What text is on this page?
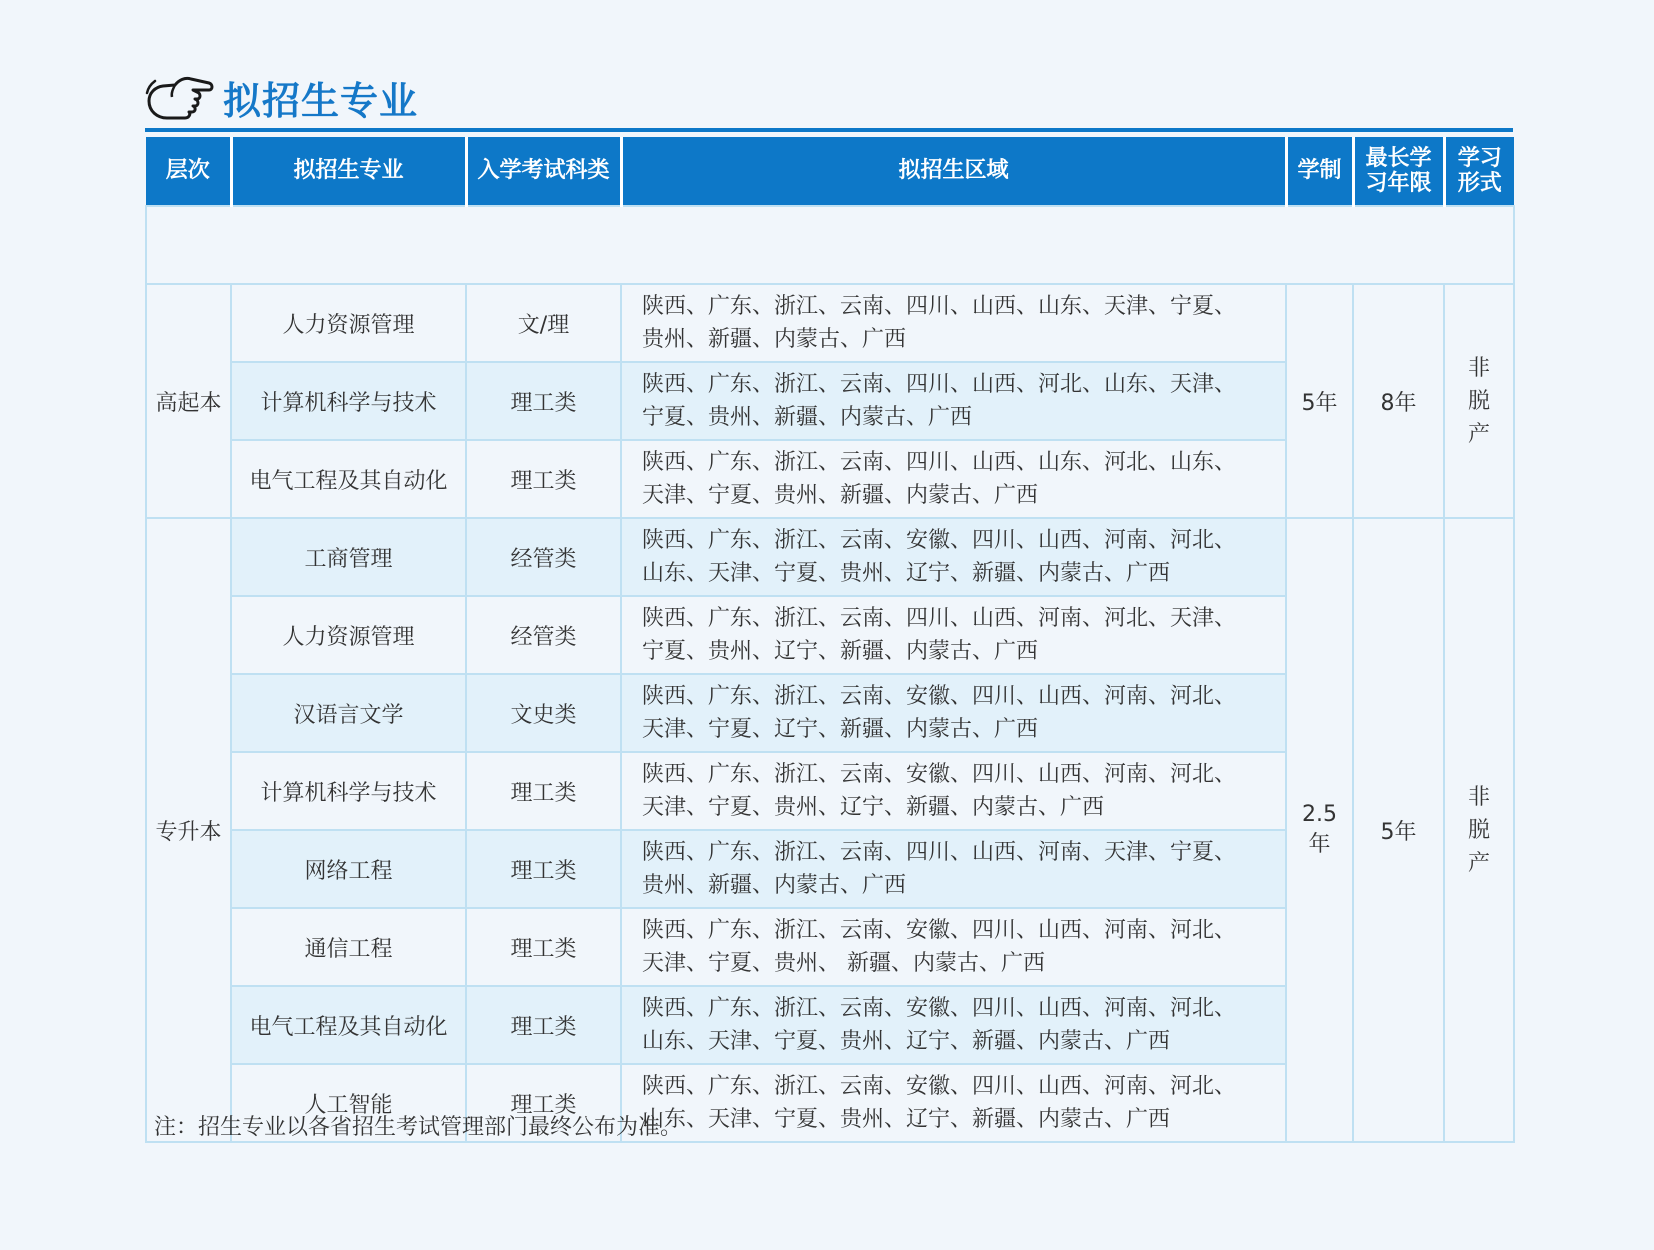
拟招生专业
层次	拟招生专业	入学考试科类	拟招生区域	学制	最长学习年限	学习形式

高起本	人力资源管理	文/理	陕西、广东、浙江、云南、四川、山西、山东、天津、宁夏、
贵州、新疆、内蒙古、广西	5年	8年	非脱产
	计算机科学与技术	理工类	陕西、广东、浙江、云南、四川、山西、河北、山东、天津、
宁夏、贵州、新疆、内蒙古、广西			

	电气工程及其自动化	理工类	陕西、广东、浙江、云南、四川、山西、山东、河北、山东、
天津、宁夏、贵州、新疆、内蒙古、广西			

专升本	工商管理	经管类	陕西、广东、浙江、云南、安徽、四川、山西、河南、河北、
山东、天津、宁夏、贵州、辽宁、新疆、内蒙古、广西	2.5年	5年	非脱产
	人力资源管理	经管类	陕西、广东、浙江、云南、四川、山西、河南、河北、天津、
宁夏、贵州、辽宁、新疆、内蒙古、广西			

	汉语言文学	文史类	陕西、广东、浙江、云南、安徽、四川、山西、河南、河北、
天津、宁夏、辽宁、新疆、内蒙古、广西			

	计算机科学与技术	理工类	陕西、广东、浙江、云南、安徽、四川、山西、河南、河北、
天津、宁夏、贵州、辽宁、新疆、内蒙古、广西			

	网络工程	理工类	陕西、广东、浙江、云南、四川、山西、河南、天津、宁夏、
贵州、新疆、内蒙古、广西			

	通信工程	理工类	陕西、广东、浙江、云南、安徽、四川、山西、河南、河北、
天津、宁夏、贵州、 新疆、内蒙古、广西			

	电气工程及其自动化	理工类	陕西、广东、浙江、云南、安徽、四川、山西、河南、河北、
山东、天津、宁夏、贵州、辽宁、新疆、内蒙古、广西			

	人工智能	理工类	陕西、广东、浙江、云南、安徽、四川、山西、河南、河北、
山东、天津、宁夏、贵州、辽宁、新疆、内蒙古、广西			
注：招生专业以各省招生考试管理部门最终公布为准。
